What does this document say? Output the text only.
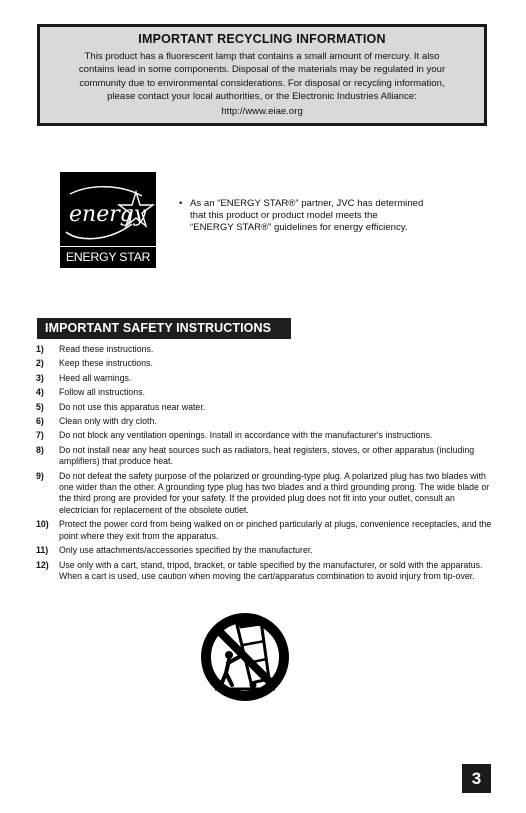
IMPORTANT RECYCLING INFORMATION
This product has a fluorescent lamp that contains a small amount of mercury. It also
contains lead in some components. Disposal of the materials may be regulated in your
community due to environmental considerations. For disposal or recycling information,
please contact your local authorities, or the Electronic Industries Alliance:
http://www.eiae.org
energy
ENERGY STAR
• As an “ENERGY STAR®” partner, JVC has determined

that this product or product model meets the

“ENERGY STAR®” guidelines for energy efficiency.

IMPORTANT SAFETY INSTRUCTIONS
1)	Read these instructions.
2)	Keep these instructions.
3)	Heed all warnings.
4)	Follow all instructions.
5)	Do not use this apparatus near water.
6)	Clean only with dry cloth.
7)	Do not block any ventilation openings. Install in accordance with the manufacturer's instructions.
8)	Do not install near any heat sources such as radiators, heat registers, stoves, or other apparatus (including amplifiers) that produce heat.
9)	Do not defeat the safety purpose of the polarized or grounding-type plug. A polarized plug has two blades with one wider than the other. A grounding type plug has two blades and a third grounding prong. The wide blade or the third prong are provided for your safety. If the provided plug does not fit into your outlet, consult an electrician for replacement of the obsolete outlet.
10)	Protect the power cord from being walked on or pinched particularly at plugs, convenience receptacles, and the point where they exit from the apparatus.
11)	Only use attachments/accessories specified by the manufacturer.
12)	Use only with a cart, stand, tripod, bracket, or table specified by the manufacturer, or sold with the apparatus. When a cart is used, use caution when moving the cart/apparatus combination to avoid injury from tip-over.
3
